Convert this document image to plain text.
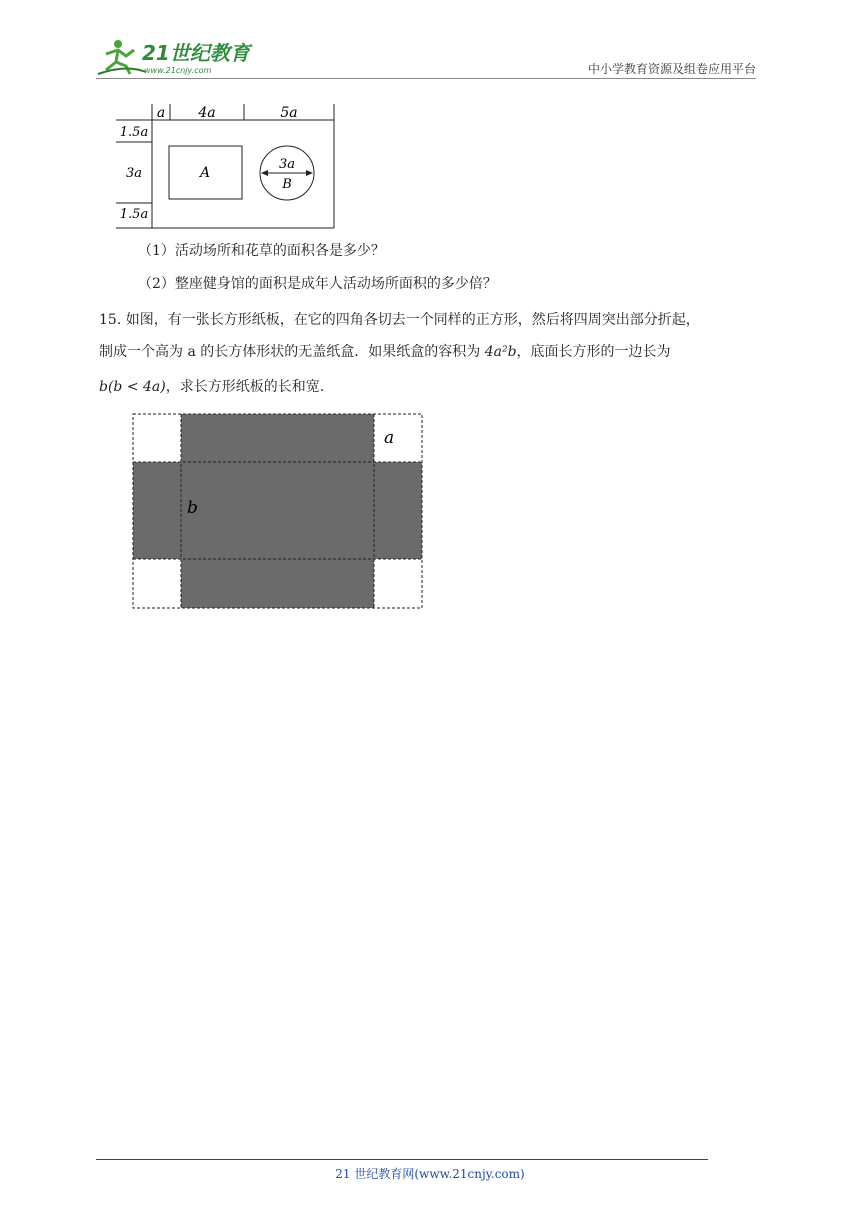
21世纪教育
www.21cnjy.com	中小学教育资源及组卷应用平台
a 4a	5a
1.5a
3a
1.5a
A
3a
B
（1）活动场所和花草的面积各是多少？
（2）整座健身馆的面积是成年人活动场所面积的多少倍？
15. 如图，有一张长方形纸板，在它的四角各切去一个同样的正方形，然后将四周突出部分折起，
制成一个高为 a 的长方体形状的无盖纸盒．如果纸盒的容积为 4a²b，底面长方形的一边长为
b(b < 4a)，求长方形纸板的长和宽．
a
b
21 世纪教育网(www.21cnjy.com)
